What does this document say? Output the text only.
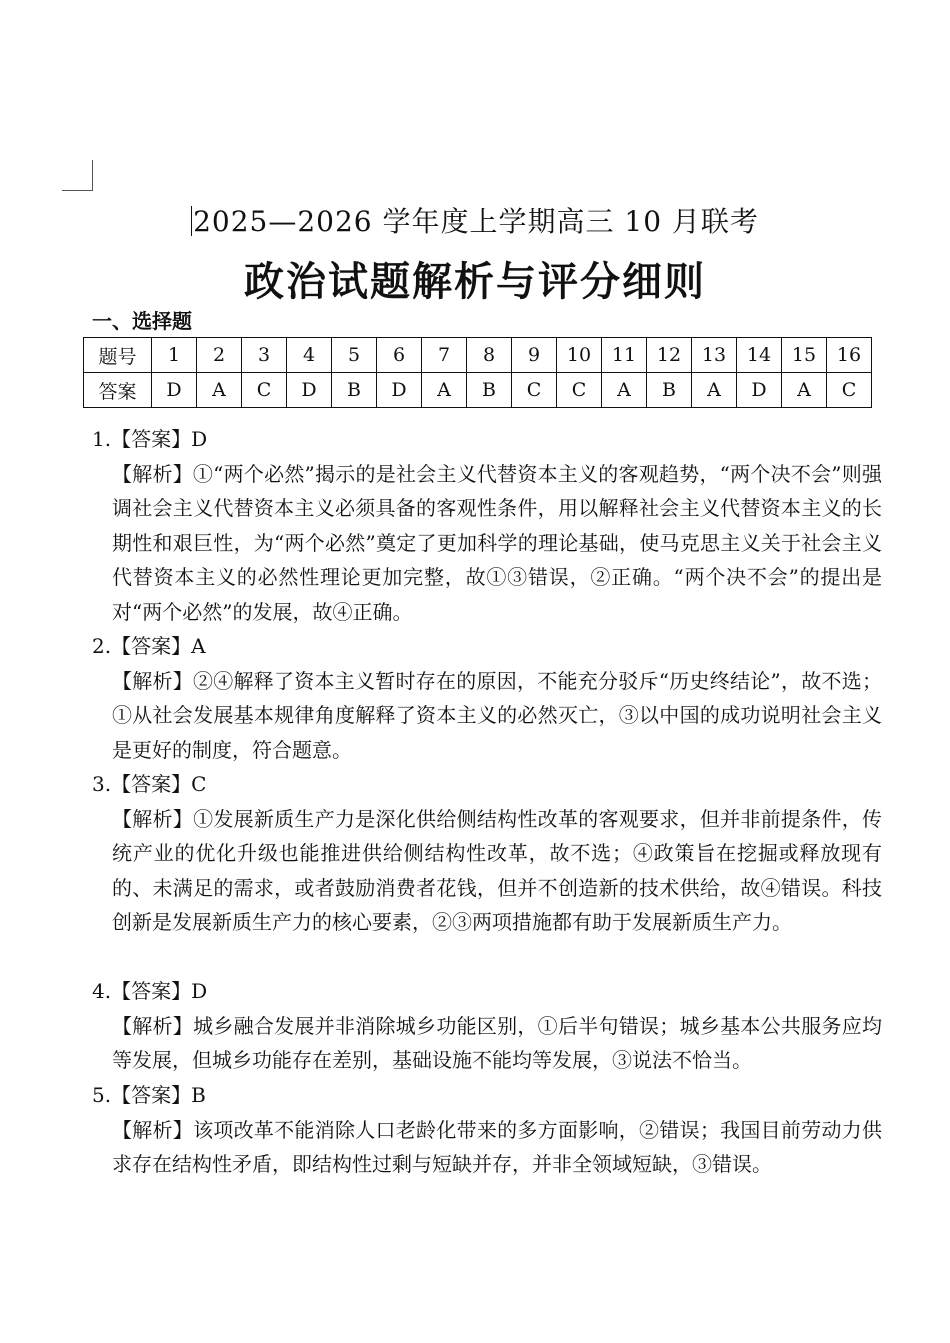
2025—2026 学年度上学期高三 10 月联考
政治试题解析与评分细则
一、选择题
题号	1	2	3	4	5	6	7	8	9	10	11	12	13	14	15	16
答案	D	A	C	D	B	D	A	B	C	C	A	B	A	D	A	C
1.【答案】D
【解析】①“两个必然”揭示的是社会主义代替资本主义的客观趋势，“两个决不会”则强调社会主义代替资本主义必须具备的客观性条件，用以解释社会主义代替资本主义的长期性和艰巨性，为“两个必然”奠定了更加科学的理论基础，使马克思主义关于社会主义代替资本主义的必然性理论更加完整，故①③错误，②正确。“两个决不会”的提出是对“两个必然”的发展，故④正确。
2.【答案】A
【解析】②④解释了资本主义暂时存在的原因，不能充分驳斥“历史终结论”，故不选；①从社会发展基本规律角度解释了资本主义的必然灭亡，③以中国的成功说明社会主义是更好的制度，符合题意。
3.【答案】C
【解析】①发展新质生产力是深化供给侧结构性改革的客观要求，但并非前提条件，传统产业的优化升级也能推进供给侧结构性改革，故不选；④政策旨在挖掘或释放现有的、未满足的需求，或者鼓励消费者花钱，但并不创造新的技术供给，故④错误。科技创新是发展新质生产力的核心要素，②③两项措施都有助于发展新质生产力。
4.【答案】D
【解析】城乡融合发展并非消除城乡功能区别，①后半句错误；城乡基本公共服务应均等发展，但城乡功能存在差别，基础设施不能均等发展，③说法不恰当。
5.【答案】B
【解析】该项改革不能消除人口老龄化带来的多方面影响，②错误；我国目前劳动力供求存在结构性矛盾，即结构性过剩与短缺并存，并非全领域短缺，③错误。
